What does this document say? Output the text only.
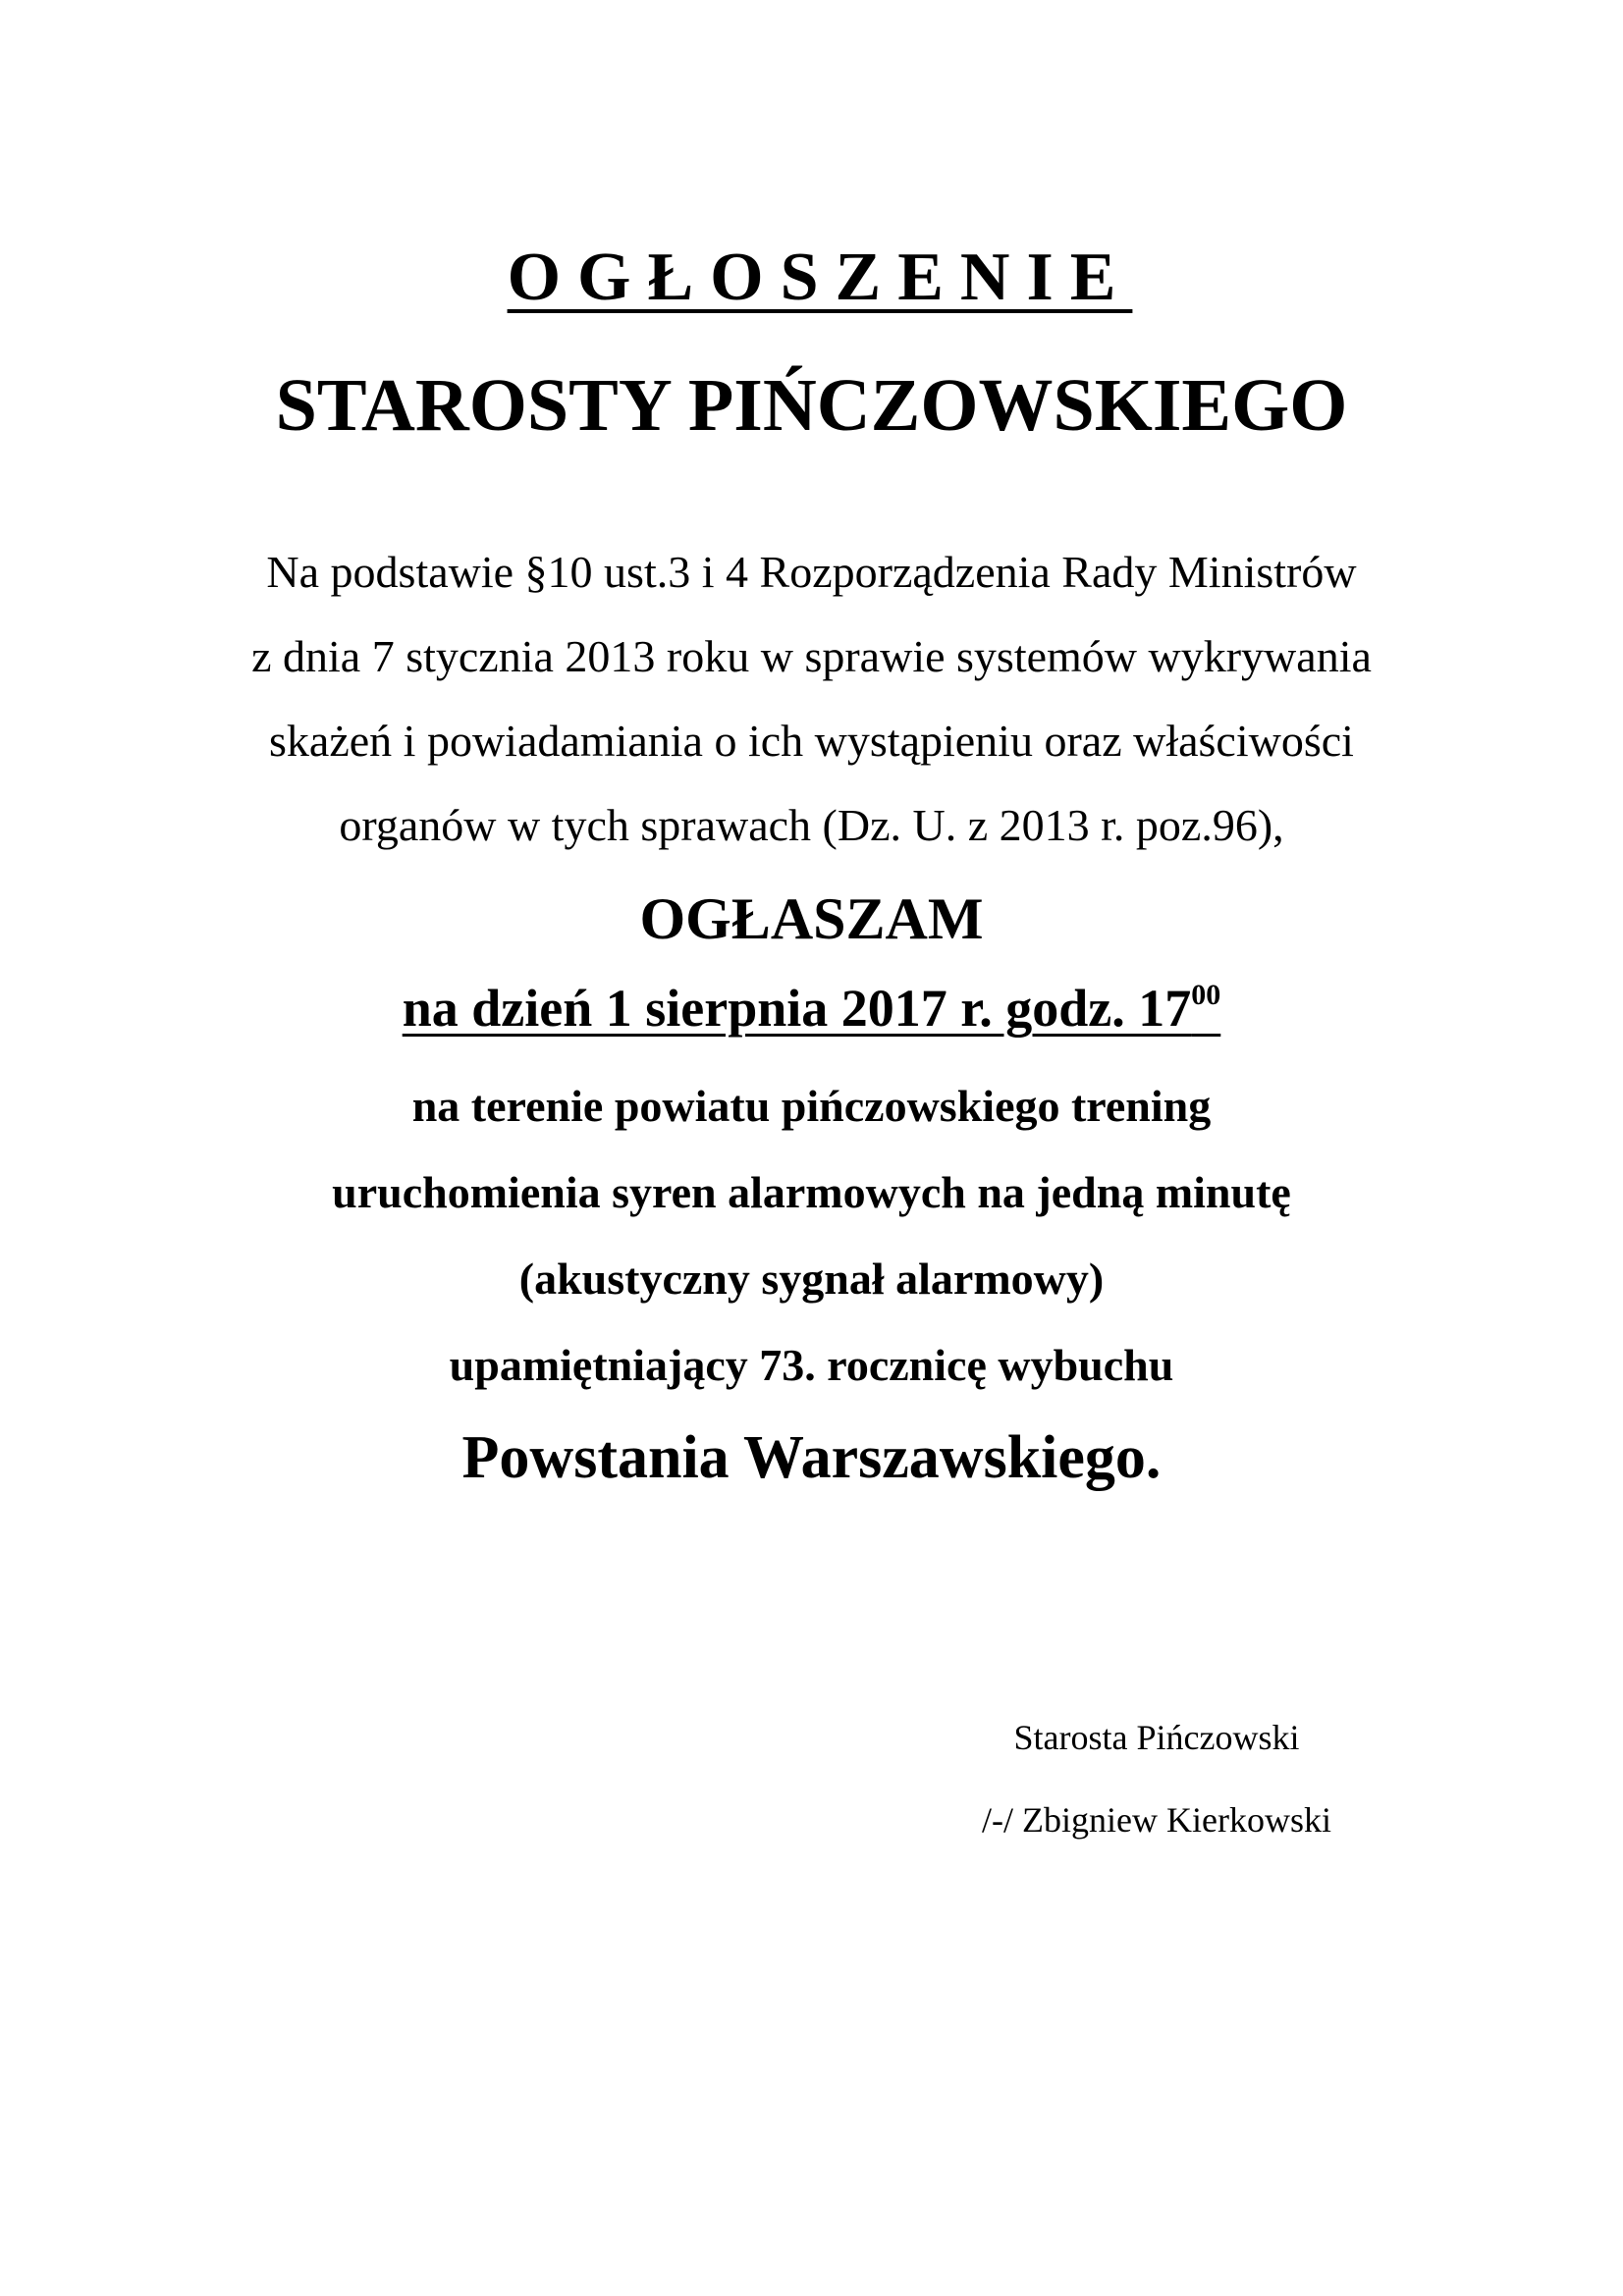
OGŁOSZENIE
STAROSTY PIŃCZOWSKIEGO
Na podstawie §10 ust.3 i 4 Rozporządzenia Rady Ministrów
z dnia 7 stycznia 2013 roku w sprawie systemów wykrywania
skażeń i powiadamiania o ich wystąpieniu oraz właściwości
organów w tych sprawach (Dz. U. z 2013 r. poz.96),
OGŁASZAM
na dzień 1 sierpnia 2017 r. godz. $17^{00}$
na terenie powiatu pińczowskiego trening
uruchomienia syren alarmowych na jedną minutę
(akustyczny sygnał alarmowy)
upamiętniający 73. rocznicę wybuchu
Powstania Warszawskiego.
Starosta Pińczowski
/-/ Zbigniew Kierkowski
